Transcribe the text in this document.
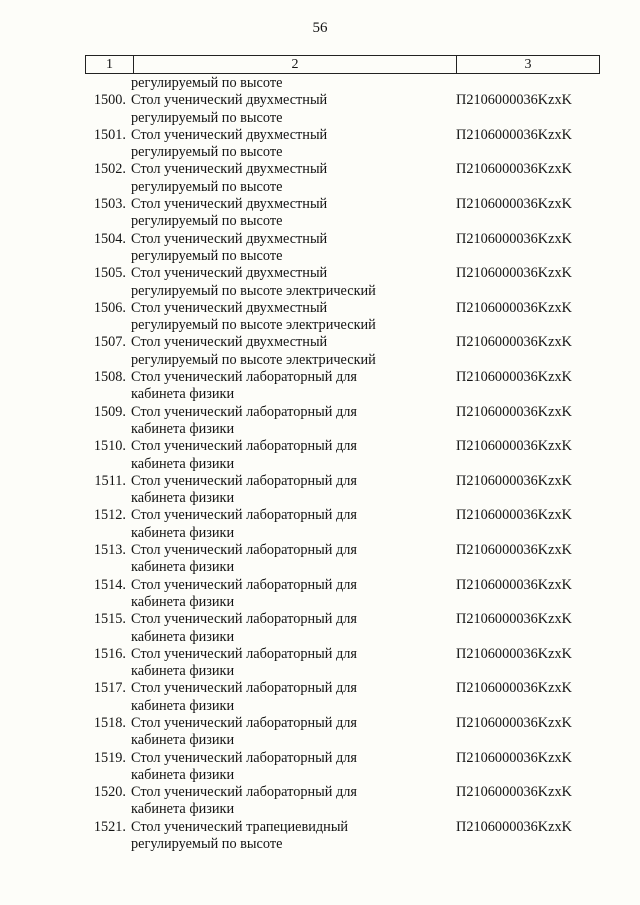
56
1	2	3
регулируемый по высоте
1500. Стол ученический двухместный
регулируемый по высоте
П2106000036KzxK
1501. Стол ученический двухместный
регулируемый по высоте
П2106000036KzxK
1502. Стол ученический двухместный
регулируемый по высоте
П2106000036KzxK
1503. Стол ученический двухместный
регулируемый по высоте
П2106000036KzxK
1504. Стол ученический двухместный
регулируемый по высоте
П2106000036KzxK
1505. Стол ученический двухместный
регулируемый по высоте электрический
П2106000036KzxK
1506. Стол ученический двухместный
регулируемый по высоте электрический
П2106000036KzxK
1507. Стол ученический двухместный
регулируемый по высоте электрический
П2106000036KzxK
1508. Стол ученический лабораторный для
кабинета физики
П2106000036KzxK
1509. Стол ученический лабораторный для
кабинета физики
П2106000036KzxK
1510. Стол ученический лабораторный для
кабинета физики
П2106000036KzxK
1511. Стол ученический лабораторный для
кабинета физики
П2106000036KzxK
1512. Стол ученический лабораторный для
кабинета физики
П2106000036KzxK
1513. Стол ученический лабораторный для
кабинета физики
П2106000036KzxK
1514. Стол ученический лабораторный для
кабинета физики
П2106000036KzxK
1515. Стол ученический лабораторный для
кабинета физики
П2106000036KzxK
1516. Стол ученический лабораторный для
кабинета физики
П2106000036KzxK
1517. Стол ученический лабораторный для
кабинета физики
П2106000036KzxK
1518. Стол ученический лабораторный для
кабинета физики
П2106000036KzxK
1519. Стол ученический лабораторный для
кабинета физики
П2106000036KzxK
1520. Стол ученический лабораторный для
кабинета физики
П2106000036KzxK
1521. Стол ученический трапециевидный
регулируемый по высоте
П2106000036KzxK
